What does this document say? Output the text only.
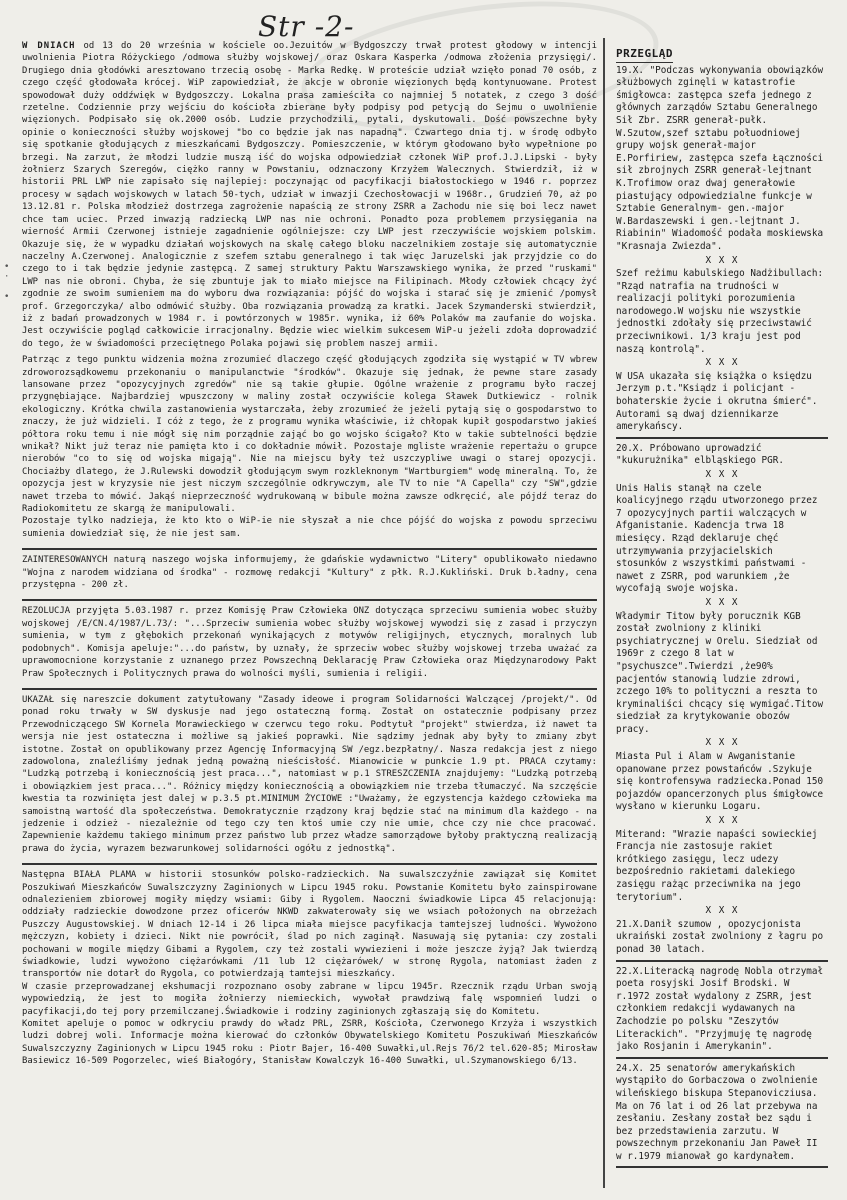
Str -2-
•
·

•

W DNIACH od 13 do 20 września w kościele oo.Jezuitów w Bydgoszczy trwał protest głodowy w intencji uwolnienia Piotra Różyckiego /odmowa służby wojskowej/ oraz Oskara Kasperka /odmowa złożenia przysięgi/. Drugiego dnia głodówki aresztowano trzecią osobę - Marka Redkę. W proteście udział wzięło ponad 70 osób, z czego część głodowała krócej. WiP zapowiedział, że akcje w obronie więzionych będą kontynuowane. Protest spowodował duży oddźwięk w Bydgoszczy. Lokalna prasa zamieściła co najmniej 5 notatek, z czego 3 dość rzetelne. Codziennie przy wejściu do kościoła zbierane były podpisy pod petycją do Sejmu o uwolnienie więzionych. Podpisało się ok.2000 osób. Ludzie przychodzili, pytali, dyskutowali. Dość powszechne były opinie o konieczności służby wojskowej "bo co będzie jak nas napadną". Czwartego dnia tj. w środę odbyło się spotkanie głodujących z mieszkańcami Bydgoszczy. Pomieszczenie, w którym głodowano było wypełnione po brzegi. Na zarzut, że młodzi ludzie muszą iść do wojska odpowiedział członek WiP prof.J.J.Lipski - były żołnierz Szarych Szeregów, ciężko ranny w Powstaniu, odznaczony Krzyżem Walecznych. Stwierdził, iż w historii PRL LWP nie zapisało się najlepiej: poczynając od pacyfikacji białostockiego w 1946 r. poprzez procesy w sądach wojskowych w latach 50-tych, udział w inwazji Czechosłowacji w 1968r., Grudzień 70, aż po 13.12.81 r. Polska młodzież dostrzega zagrożenie napaścią ze strony ZSRR a Zachodu nie się boi lecz nawet chce tam uciec. Przed inwazją radziecką LWP nas nie ochroni. Ponadto poza problemem przysięgania na wierność Armii Czerwonej istnieje zagadnienie ogólniejsze: czy LWP jest rzeczywiście wojskiem polskim. Okazuje się, że w wypadku działań wojskowych na skalę całego bloku naczelnikiem zostaje się automatycznie naczelny A.Czerwonej. Analogicznie z szefem sztabu generalnego i tak więc Jaruzelski jak przyjdzie co do czego to i tak będzie jedynie zastępcą. Z samej struktury Paktu Warszawskiego wynika, że przed "ruskami" LWP nas nie obroni. Chyba, że się zbuntuje jak to miało miejsce na Filipinach. Młody człowiek chcący żyć zgodnie ze swoim sumieniem ma do wyboru dwa rozwiązania: pójść do wojska i starać się je zmienić /pomysł prof. Grzegorczyka/ albo odmówić służby. Oba rozwiązania prowadzą za kratki. Jacek Szymanderski stwierdził, iż z badań prowadzonych w 1984 r. i powtórzonych w 1985r. wynika, iż 60% Polaków ma zaufanie do wojska. Jest oczywiście pogląd całkowicie irracjonalny. Będzie wiec wielkim sukcesem WiP-u jeżeli zdoła doprowadzić do tego, że w świadomości przeciętnego Polaka pojawi się problem naszej armii.

Patrząc z tego punktu widzenia można zrozumieć dlaczego część głodujących zgodziła się wystąpić w TV wbrew zdroworozsądkowemu przekonaniu o manipulanctwie "środków". Okazuje się jednak, że pewne stare zasady lansowane przez "opozycyjnych zgredów" nie są takie głupie. Ogólne wrażenie z programu było raczej przygnębiające. Najbardziej wpuszczony w maliny został oczywiście kolega Sławek Dutkiewicz - rolnik ekologiczny. Krótka chwila zastanowienia wystarczała, żeby zrozumieć że jeżeli pytają się o gospodarstwo to znaczy, że już widzieli. I cóż z tego, że z programu wynika właściwie, iż chłopak kupił gospodarstwo jakieś półtora roku temu i nie mógł się nim porządnie zająć bo go wojsko ścigało? Kto w takie subtelności będzie wnikał? Nikt już teraz nie pamięta kto i co dokładnie mówił. Pozostaje mgliste wrażenie repertażu o grupce nierobów "co to się od wojska migają". Nie na miejscu były też uszczypliwe uwagi o starej opozycji. Chociażby dlatego, że J.Rulewski dowodził głodującym swym rozkleknonym "Wartburgiem" wodę mineralną. To, że opozycja jest w kryzysie nie jest niczym szczególnie odkrywczym, ale TV to nie "A Capella" czy "SW",gdzie nawet trzeba to mówić. Jakąś nieprzeczność wydrukowaną w bibule można zawsze odkręcić, ale pójdź teraz do Radiokomitetu ze skargą że manipulowali.

Pozostaje tylko nadzieja, że kto kto o WiP-ie nie słyszał a nie chce pójść do wojska z powodu sprzeciwu sumienia dowiedział się, że nie jest sam.

ZAINTERESOWANYCH naturą naszego wojska informujemy, że gdańskie wydawnictwo "Litery" opublikowało niedawno "Wojna z narodem widziana od środka" - rozmowę redakcji "Kultury" z płk. R.J.Kukliński. Druk b.ładny, cena przystępna - 200 zł.

REZOLUCJA przyjęta 5.03.1987 r. przez Komisję Praw Człowieka ONZ dotycząca sprzeciwu sumienia wobec służby wojskowej /E/CN.4/1987/L.73/: "...Sprzeciw sumienia wobec służby wojskowej wywodzi się z zasad i przyczyn sumienia, w tym z głębokich przekonań wynikających z motywów religijnych, etycznych, moralnych lub podobnych". Komisja apeluje:"...do państw, by uznały, że sprzeciw wobec służby wojskowej trzeba uważać za uprawomocnione korzystanie z uznanego przez Powszechną Deklarację Praw Człowieka oraz Międzynarodowy Pakt Praw Społecznych i Politycznych prawa do wolności myśli, sumienia i religii.

UKAZAŁ się nareszcie dokument zatytułowany "Zasady ideowe i program Solidarności Walczącej /projekt/". Od ponad roku trwały w SW dyskusje nad jego ostateczną formą. Został on ostatecznie podpisany przez Przewodniczącego SW Kornela Morawieckiego w czerwcu tego roku. Podtytuł "projekt" stwierdza, iż nawet ta wersja nie jest ostateczna i możliwe są jakieś poprawki. Nie sądzimy jednak aby były to zmiany zbyt istotne. Został on opublikowany przez Agencję Informacyjną SW /egz.bezpłatny/. Nasza redakcja jest z niego zadowolona, znaleźliśmy jednak jedną poważną nieścisłość. Mianowicie w punkcie 1.9 pt. PRACA czytamy: "Ludzką potrzebą i koniecznością jest praca...", natomiast w p.1 STRESZCZENIA znajdujemy: "Ludzką potrzebą i obowiązkiem jest praca...". Różnicy między koniecznością a obowiązkiem nie trzeba tłumaczyć. Na szczęście kwestia ta rozwinięta jest dalej w p.3.5 pt.MINIMUM ŻYCIOWE :"Uważamy, że egzystencja każdego człowieka ma samoistną wartość dla społeczeństwa. Demokratycznie rządzony kraj będzie stać na minimum dla każdego - na jedzenie i odzież - niezależnie od tego czy ten ktoś umie czy nie umie, chce czy nie chce pracować. Zapewnienie każdemu takiego minimum przez państwo lub przez władze samorządowe byłoby praktyczną realizacją prawa do życia, wyrazem bezwarunkowej solidarności ogółu z jednostką".

Następna BIAŁA PLAMA w historii stosunków polsko-radzieckich. Na suwalszczyźnie zawiązał się Komitet Poszukiwań Mieszkańców Suwalszczyzny Zaginionych w Lipcu 1945 roku. Powstanie Komitetu było zainspirowane odnalezieniem zbiorowej mogiły między wsiami: Giby i Rygolem. Naoczni świadkowie Lipca 45 relacjonują: oddziały radzieckie dowodzone przez oficerów NKWD zakwaterowały się we wsiach położonych na obrzeżach Puszczy Augustowskiej. W dniach 12-14 i 26 lipca miała miejsce pacyfikacja tamtejszej ludności. Wywożono mężczyzn, kobiety i dzieci. Nikt nie powrócił, ślad po nich zaginął. Nasuwają się pytania: czy zostali pochowani w mogile między Gibami a Rygolem, czy też zostali wywiezieni i może jeszcze żyją? Jak twierdzą świadkowie, ludzi wywożono ciężarówkami /11 lub 12 ciężarówek/ w stronę Rygola, natomiast żaden z transportów nie dotarł do Rygola, co potwierdzają tamtejsi mieszkańcy.

W czasie przeprowadzanej ekshumacji rozpoznano osoby zabrane w lipcu 1945r. Rzecznik rządu Urban swoją wypowiedzią, że jest to mogiła żołnierzy niemieckich, wywołał prawdziwą falę wspomnień ludzi o pacyfikacji,do tej pory przemilczanej.Świadkowie i rodziny zaginionych zgłaszają się do Komitetu.

Komitet apeluje o pomoc w odkryciu prawdy do władz PRL, ZSRR, Kościoła, Czerwonego Krzyża i wszystkich ludzi dobrej woli. Informacje można kierować do członków Obywatelskiego Komitetu Poszukiwań Mieszkańców Suwalszczyzny Zaginionych w Lipcu 1945 roku : Piotr Bajer, 16-400 Suwałki,ul.Rejs 76/2 tel.620-85; Mirosław Basiewicz 16-509 Pogorzelec, wieś Białogóry, Stanisław Kowalczyk 16-400 Suwałki, ul.Szymanowskiego 6/13.

PRZEGLĄD

19.X. "Podczas wykonywania obowiązków służbowych zginęli w katastrofie śmigłowca: zastępca szefa jednego z głównych zarządów Sztabu Generalnego Sił Zbr. ZSRR generał-pułk. W.Szutow,szef sztabu połuodniowej grupy wojsk generał-major E.Porfiriew, zastępca szefa Łączności sił zbrojnych ZSRR generał-lejtnant K.Trofimow oraz dwaj generałowie piastujący odpowiedzialne funkcje w Sztabie Generalnym- gen.-major W.Bardaszewski i gen.-lejtnant J. Riabinin" Wiadomość podała moskiewska "Krasnaja Zwiezda".

X X X

Szef reżimu kabulskiego Nadżibullach: "Rząd natrafia na trudności w realizacji polityki porozumienia narodowego.W wojsku nie wszystkie jednostki zdołały się przeciwstawić przeciwnikowi. 1/3 kraju jest pod naszą kontrolą".

X X X

W USA ukazała się książka o księdzu Jerzym p.t."Ksiądz i policjant - bohaterskie życie i okrutna śmierć". Autorami są dwaj dziennikarze amerykańscy.

20.X. Próbowano uprowadzić "kukurużnika" elbląskiego PGR.

X X X

Unis Halis stanął na czele koalicyjnego rządu utworzonego przez 7 opozycyjnych partii walczących w Afganistanie. Kadencja trwa 18 miesięcy. Rząd deklaruje chęć utrzymywania przyjacielskich stosunków z wszystkimi państwami - nawet z ZSRR, pod warunkiem ,że wycofają swoje wojska.

X X X

Władymir Titow były porucznik KGB został zwolniony z kliniki psychiatrycznej w Orelu. Siedział od 1969r z czego 8 lat w "psychuszce".Twierdzi ,że90% pacjentów stanowią ludzie zdrowi, zczego 10% to polityczni a reszta to kryminaliści chcący się wymigać.Titow siedział za krytykowanie obozów pracy.

X X X

Miasta Pul i Alam w Awganistanie opanowane przez powstańców .Szykuje się kontrofensywa radziecka.Ponad 150 pojazdów opancerzonych plus śmigłowce wysłano w kierunku Logaru.

X X X

Miterand: "Wrazie napaści sowieckiej Francja nie zastosuje rakiet krótkiego zasięgu, lecz udezy bezpośrednio rakietami dalekiego zasięgu rażąc przeciwnika na jego terytorium".

X X X

21.X.Danił szumow , opozycjonista ukraiński został zwolniony z łagru po ponad 30 latach.

22.X.Literacką nagrodę Nobla otrzymał poeta rosyjski Josif Brodski. W r.1972 został wydalony z ZSRR, jest członkiem redakcji wydawanych na Zachodzie po polsku "Zeszytów Literackich". "Przyjmuję tę nagrodę jako Rosjanin i Amerykanin".

24.X. 25 senatorów amerykańskich wystąpiło do Gorbaczowa o zwolnienie wileńskiego biskupa Stepanovicziusa. Ma on 76 lat i od 26 lat przebywa na zesłaniu. Zesłany został bez sądu i bez przedstawienia zarzutu. W powszechnym przekonaniu Jan Paweł II w r.1979 mianował go kardynałem.
